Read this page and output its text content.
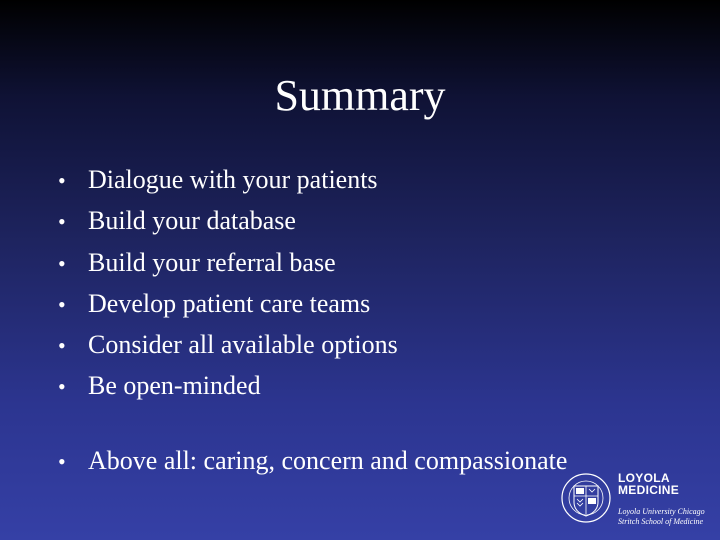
Summary
• Dialogue with your patients
• Build your database
• Build your referral base
• Develop patient care teams
• Consider all available options
• Be open-minded
• Above all: caring, concern and compassionate
LOYOLA
MEDICINE
Loyola University Chicago
Stritch School of Medicine
